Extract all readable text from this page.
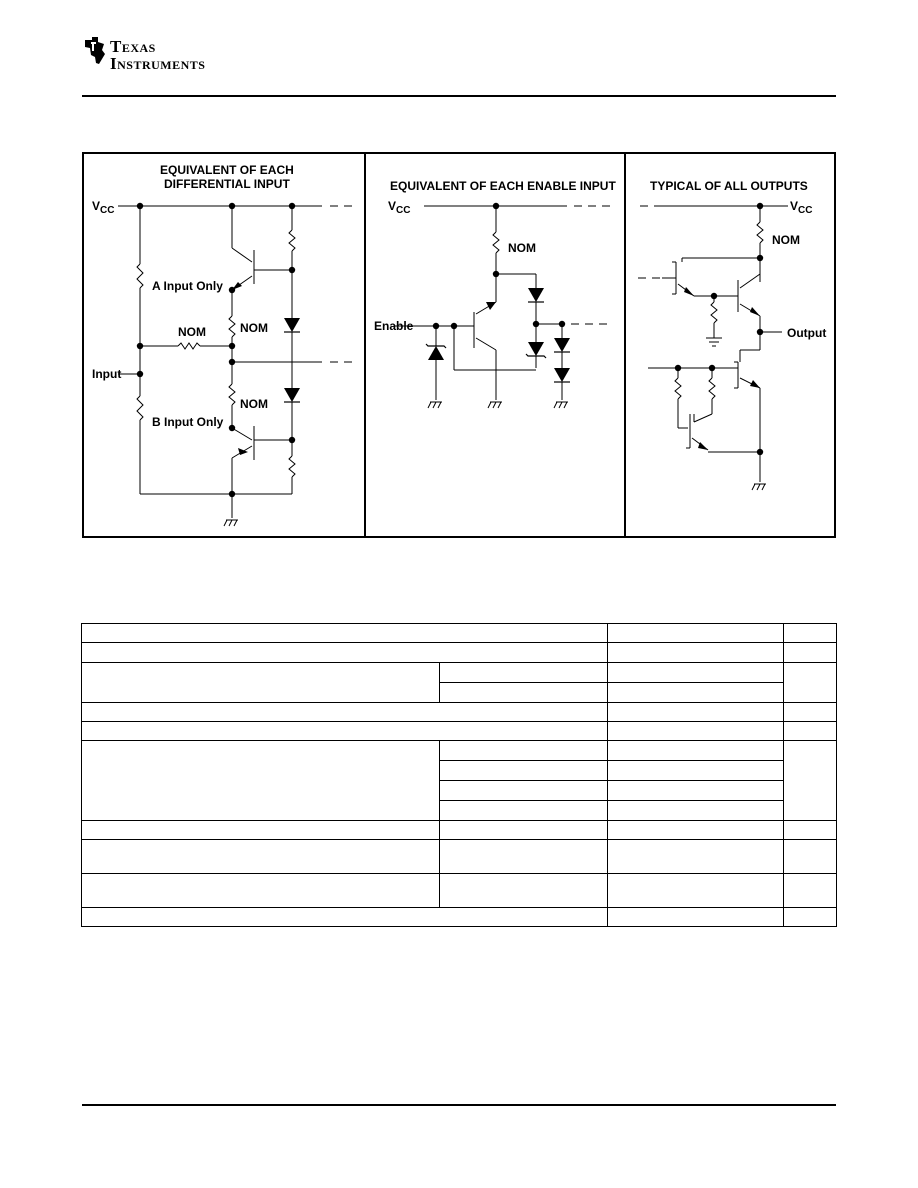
TEXAS
INSTRUMENTS
EQUIVALENT OF EACH
DIFFERENTIAL INPUT
$V_{CC}$
A Input Only
NOM	NOM
Input
NOM
B Input Only
EQUIVALENT OF EACH ENABLE INPUT
$V_{CC}$
NOM
Enable
TYPICAL OF ALL OUTPUTS
$V_{CC}$
NOM
Output
